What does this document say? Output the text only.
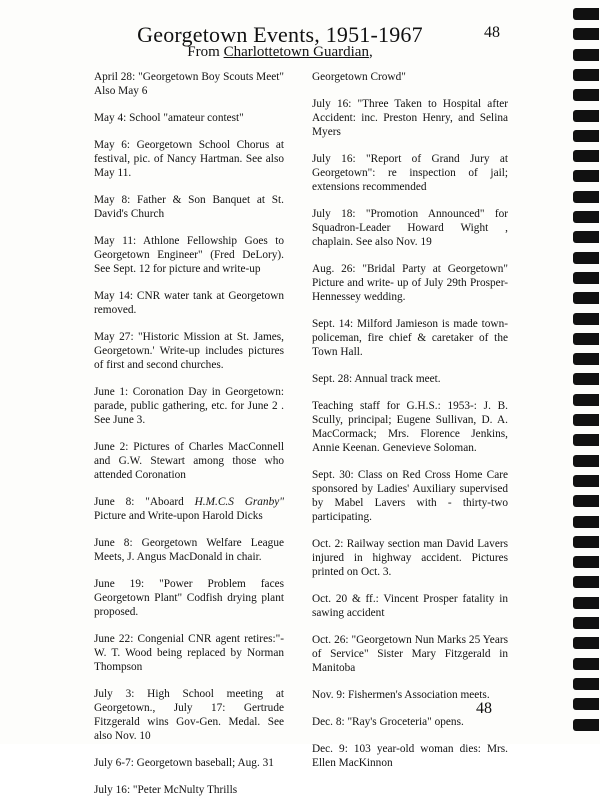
Georgetown Events, 1951-1967
From Charlottetown Guardian,
48
April 28: "Georgetown Boy Scouts Meet" Also May 6
May 4: School "amateur contest"
May 6: Georgetown School Chorus at festival, pic. of Nancy Hartman. See also May 11.
May 8: Father & Son Banquet at St. David's Church
May 11: Athlone Fellowship Goes to Georgetown Engineer" (Fred DeLory). See Sept. 12 for picture and write-up
May 14: CNR water tank at Georgetown removed.
May 27: "Historic Mission at St. James, Georgetown.' Write-up includes pictures of first and second churches.
June 1: Coronation Day in Georgetown: parade, public gathering, etc. for June 2 . See June 3.
June 2: Pictures of Charles MacConnell and G.W. Stewart among those who attended Coronation
June 8: "Aboard H.M.C.S Granby" Picture and Write-upon Harold Dicks
June 8: Georgetown Welfare League Meets, J. Angus MacDonald in chair.
June 19: "Power Problem faces Georgetown Plant" Codfish drying plant proposed.
June 22: Congenial CNR agent retires:"- W. T. Wood being replaced by Norman Thompson
July 3: High School meeting at Georgetown., July 17: Gertrude Fitzgerald wins Gov-Gen. Medal. See also Nov. 10
July 6-7: Georgetown baseball; Aug. 31
July 16: "Peter McNulty Thrills
Georgetown Crowd"
July 16: "Three Taken to Hospital after Accident: inc. Preston Henry, and Selina Myers
July 16: "Report of Grand Jury at Georgetown": re inspection of jail; extensions recommended
July 18: "Promotion Announced" for Squadron-Leader Howard Wight , chaplain. See also Nov. 19
Aug. 26: "Bridal Party at Georgetown" Picture and write- up of July 29th Prosper-Hennessey wedding.
Sept. 14: Milford Jamieson is made town-policeman, fire chief & caretaker of the Town Hall.
Sept. 28: Annual track meet.
Teaching staff for G.H.S.: 1953-: J. B. Scully, principal; Eugene Sullivan, D. A. MacCormack; Mrs. Florence Jenkins, Annie Keenan. Genevieve Soloman.
Sept. 30: Class on Red Cross Home Care sponsored by Ladies' Auxiliary supervised by Mabel Lavers with - thirty-two participating.
Oct. 2: Railway section man David Lavers injured in highway accident. Pictures printed on Oct. 3.
Oct. 20 & ff.: Vincent Prosper fatality in sawing accident
Oct. 26: "Georgetown Nun Marks 25 Years of Service" Sister Mary Fitzgerald in Manitoba
Nov. 9: Fishermen's Association meets.
Dec. 8: "Ray's Groceteria" opens.
Dec. 9: 103 year-old woman dies: Mrs. Ellen MacKinnon
48
